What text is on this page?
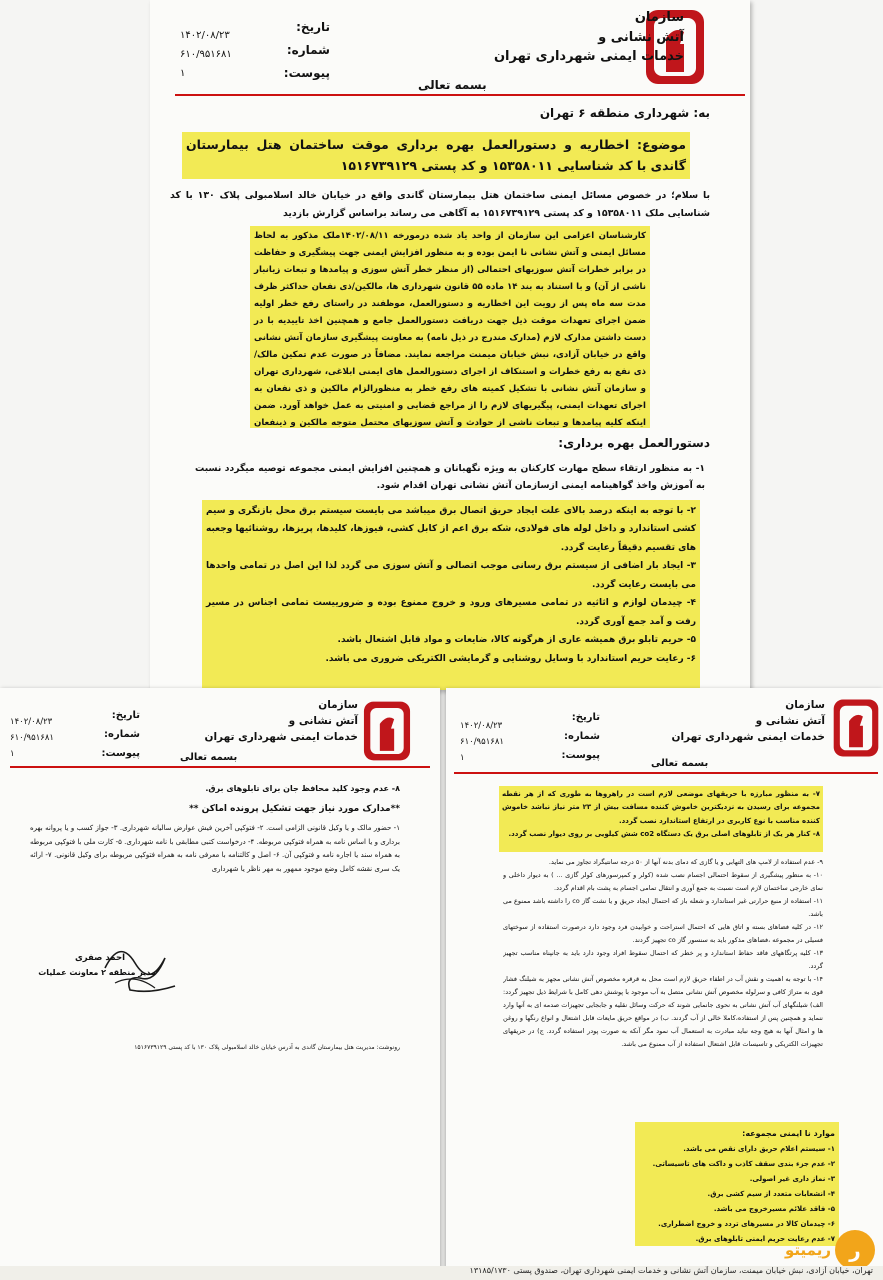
سازمان
آتش نشانی و
خدمات ایمنی شهرداری تهران
تاریخ:
شماره:
پیوست:
۱۴۰۲/۰۸/۲۳
۶۱۰/۹۵۱۶۸۱
۱
بسمه تعالی
به: شهرداری منطقه ۶ تهران
موضوع: اخطاریه و دستورالعمل بهره برداری موقت ساختمان هتل بیمارستان گاندی با کد شناسایی ۱۵۳۵۸۰۱۱ و کد پستی ۱۵۱۶۷۳۹۱۲۹
با سلام؛ در خصوص مسائل ایمنی ساختمان هتل بیمارستان گاندی واقع در خیابان خالد اسلامبولی پلاک ۱۳۰ با کد شناسایی ملک ۱۵۳۵۸۰۱۱ و کد پستی ۱۵۱۶۷۳۹۱۲۹ به آگاهی می رساند براساس گزارش بازدید
کارشناسان اعزامی این سازمان از واحد یاد شده درمورخه ۱۴۰۲/۰۸/۱۱ملک مذکور به لحاظ مسائل ایمنی و آتش نشانی نا ایمن بوده و به منظور افزایش ایمنی جهت پیشگیری و حفاظت در برابر خطرات آتش سوزیهای احتمالی (از منظر خطر آتش سوزی و پیامدها و تبعات زیانبار ناشی از آن) و با استناد به بند ۱۴ ماده ۵۵ قانون شهرداری ها، مالکین/ذی نفعان حداکثر ظرف مدت سه ماه پس از رویت این اخطاریه و دستورالعمل، موظفند در راستای رفع خطر اولیه ضمن اجرای تعهدات موقت ذیل جهت دریافت دستورالعمل جامع و همچنین اخذ تاییدیه با در دست داشتن مدارک لازم (مدارک مندرج در ذیل نامه) به معاونت پیشگیری سازمان آتش نشانی واقع در خیابان آزادی، نبش خیابان میمنت مراجعه نمایند. مضافاً در صورت عدم تمکین مالک/ذی نفع به رفع خطرات و استنکاف از اجرای دستورالعمل های ایمنی ابلاغی، شهرداری تهران و سازمان آتش نشانی با تشکیل کمیته های رفع خطر به منظورالزام مالکین و ذی نفعان به اجرای تعهدات ایمنی، پیگیریهای لازم را از مراجع قضایی و امنیتی به عمل خواهد آورد. ضمن اینکه کلیه پیامدها و تبعات ناشی از حوادث و آتش سوزیهای محتمل متوجه مالکین و ذینفعان
دستورالعمل بهره برداری:
۱- به منظور ارتقاء سطح مهارت کارکنان به ویژه نگهبانان و همچنین افزایش ایمنی مجموعه توصیه میگردد نسبت به آموزش واخذ گواهینامه ایمنی ازسازمان آتش نشانی تهران اقدام شود.

۲- با توجه به اینکه درصد بالای علت ایجاد حریق اتصال برق میباشد می بایست سیستم برق محل بازنگری و سیم کشی استاندارد و داخل لوله های فولادی، شکه برق اعم از کابل کشی، فیوزها، کلیدها، پریزها، روشنائیها وجعبه های تقسیم دقیقاً رعایت گردد.

۳- ایجاد بار اضافی از سیستم برق رسانی موجب اتصالی و آتش سوزی می گردد لذا این اصل در تمامی واحدها می بایست رعایت گردد.

۴- چیدمان لوازم و اثاثیه در تمامی مسیرهای ورود و خروج ممنوع بوده و ضرورییست تمامی اجناس در مسیر رفت و آمد جمع آوری گردد.

۵- حریم تابلو برق همیشه عاری از هرگونه کالا، ضایعات و مواد قابل اشتعال باشد.

۶- رعایت حریم استاندارد با وسایل روشنایی و گرمایشی الکتریکی ضروری می باشد.

سازمان
آتش نشانی و
خدمات ایمنی شهرداری تهران
تاریخ:
شماره:
پیوست:
۱۴۰۲/۰۸/۲۳
۶۱۰/۹۵۱۶۸۱
۱	بسمه تعالی
۸- عدم وجود کلید محافظ جان برای تابلوهای برق.
**مدارک مورد نیاز جهت تشکیل پرونده اماکن **
۱- حضور مالک و یا وکیل قانونی الزامی است. ۲- فتوکپی آخرین فیش عوارض سالیانه شهرداری. ۳- جواز کسب و یا پروانه بهره برداری و یا اساس نامه به همراه فتوکپی مربوطه. ۴- درخواست کتبی مطابقی با نامه شهرداری. ۵- کارت ملی با فتوکپی مربوطه به همراه سند یا اجاره نامه و فتوکپی آن. ۶- اصل و کالتنامه با معرفی نامه به همراه فتوکپی مربوطه برای وکیل قانونی. ۷- ارائه یک سری نقشه کامل وضع موجود ممهور به مهر ناظر یا شهرداری
احمد صفری
مدیر منطقه ۲ معاونت عملیات
رونوشت: مدیریت هتل بیمارستان گاندی به آدرس خیابان خالد اسلامبولی پلاک ۱۳۰ با کد پستی ۱۵۱۶۷۳۹۱۲۹
سازمان
آتش نشانی و
خدمات ایمنی شهرداری تهران
تاریخ:
شماره:
پیوست:
۱۴۰۲/۰۸/۲۳
۶۱۰/۹۵۱۶۸۱
۱	بسمه تعالی

۷- به منظور مبارزه با حریقهای موضعی لازم است در راهروها به طوری که از هر نقطه مجموعه برای رسیدن به نزدیکترین خاموش کننده مسافت بیش از ۲۳ متر نیاز نباشد خاموش کننده مناسب با نوع کاربری در ارتفاع استاندارد نصب گردد.

۸- کنار هر یک از تابلوهای اصلی برق یک دستگاه co2 شش کیلویی بر روی دیوار نصب گردد.

۹- عدم استفاده از لامپ های التهابی و یا گازی که دمای بدنه آنها از ۵۰ درجه سانتیگراد تجاوز می نماید.

۱۰- به منظور پیشگیری از سقوط احتمالی اجسام نصب شده (کولر و کمپرسورهای کولر گازی ... ) به دیوار داخلی و نمای خارجی ساختمان لازم است نسبت به جمع آوری و انتقال تمامی اجسام به پشت بام اقدام گردد.

۱۱- استفاده از منبع حرارتی غیر استاندارد و شعله باز که احتمال ایجاد حریق و یا نشت گاز co را داشته باشد ممنوع می باشد.

۱۲- در کلیه فضاهای بسته و اتاق هایی که احتمال استراحت و خوابیدن فرد وجود دارد درصورت استفاده از سوختهای فسیلی در مجموعه ،فضاهای مذکور باید به سنسور گاز co تجهیز گردند.

۱۳- کلیه پرتگاههای فاقد حفاظ استاندارد و پر خطر که احتمال سقوط افراد وجود دارد باید به جانپناه مناسب تجهیز گردد.

۱۴- با توجه به اهمیت و نقش آب در اطفاء حریق لازم است محل به قرقره مخصوص آتش نشانی مجهز به شیلنگ فشار قوی به متراژ کافی و سرلوله مخصوص آتش نشانی متصل به آب موجود با پوشش دهی کامل با شرایط ذیل تجهیز گردد: الف) شیلنگهای آب آتش نشانی به نحوی جانمایی شوند که حرکت وسائل نقلیه و جابجایی تجهیزات صدمه ای به آنها وارد ننماید و همچنین پس از استفاده،کاملا خالی از آب گردند. ب) در مواقع حریق مایعات قابل اشتعال و انواع رنگها و روغن ها و امثال آنها به هیچ وجه نباید مبادرت به استعمال آب نمود مگر آنکه به صورت پودر استفاده گردد. ج) در حریقهای تجهیزات الکتریکی و تاسیسات قابل اشتعال استفاده از آب ممنوع می باشد.

موارد نا ایمنی مجموعه:

۱- سیستم اعلام حریق دارای نقص می باشد.

۲- عدم جزء بندی سقف کاذب و داکت های تاسیساتی.

۳- نماز داری غیر اصولی.

۴- انشعابات متعدد از سیم کشی برق.

۵- فاقد علائم مسیرخروج می باشد.

۶- چیدمان کالا در مسیرهای تردد و خروج اضطراری.

۷- عدم رعایت حریم ایمنی تابلوهای برق.

ریمیتو ر
تهران، خیابان آزادی، نبش خیابان میمنت، سازمان آتش نشانی و خدمات ایمنی شهرداری تهران، صندوق پستی ۱۳۱۸۵/۱۷۳۰
